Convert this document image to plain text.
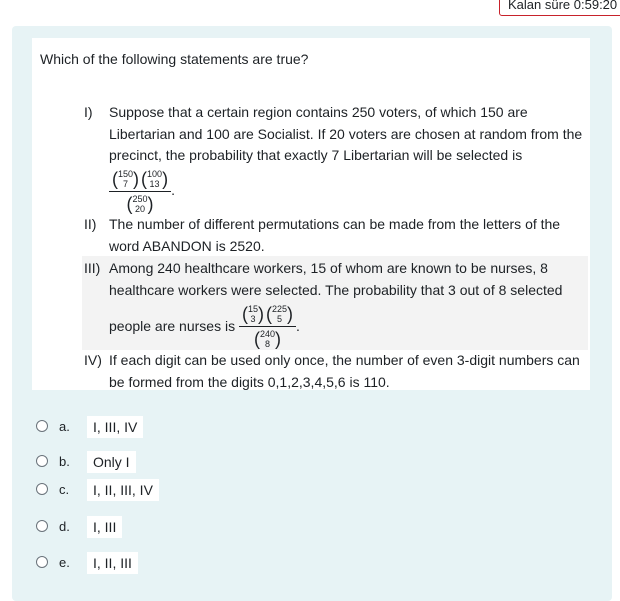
Kalan süre 0:59:20
Which of the following statements are true?
I) Suppose that a certain region contains 250 voters, of which 150 are Libertarian and 100 are Socialist. If 20 voters are chosen at random from the precinct, the probability that exactly 7 Libertarian will be selected is
( 150
7 ) ( 100
13 )
( 250
20 ) .
II) The number of different permutations can be made from the letters of the word ABANDON is 2520.
III) Among 240 healthcare workers, 15 of whom are known to be nurses, 8 healthcare workers were selected. The probability that 3 out of 8 selected
people are nurses is ( 15
3 ) ( 225
5 )
( 240
8 ) .
IV) If each digit can be used only once, the number of even 3-digit numbers can be formed from the digits 0,1,2,3,4,5,6 is 110.
a.	I, III, IV
b.	Only I
c.	I, II, III, IV
d.	I, III
e.	I, II, III
